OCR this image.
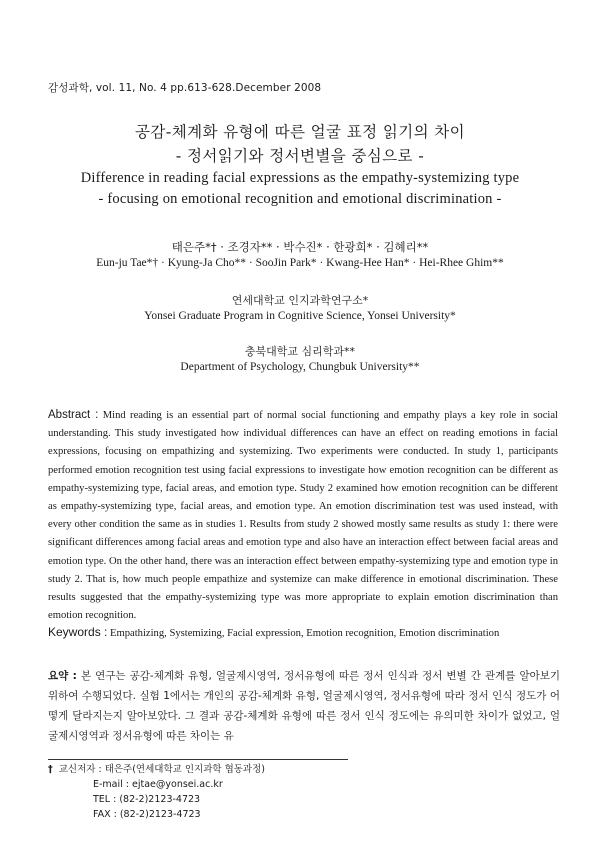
감성과학, vol. 11, No. 4 pp.613-628.December 2008
공감-체계화 유형에 따른 얼굴 표정 읽기의 차이
- 정서읽기와 정서변별을 중심으로 -
Difference in reading facial expressions as the empathy-systemizing type
- focusing on emotional recognition and emotional discrimination -
태은주*† · 조경자** · 박수진* · 한광희* · 김혜리**
Eun-ju Tae*† · Kyung-Ja Cho** · SooJin Park* · Kwang-Hee Han* · Hei-Rhee Ghim**
연세대학교 인지과학연구소*
Yonsei Graduate Program in Cognitive Science, Yonsei University*
충북대학교 심리학과**
Department of Psychology, Chungbuk University**

Abstract : Mind reading is an essential part of normal social functioning and empathy plays a key role in social understanding. This study investigated how individual differences can have an effect on reading emotions in facial expressions, focusing on empathizing and systemizing. Two experiments were conducted. In study 1, participants performed emotion recognition test using facial expressions to investigate how emotion recognition can be different as empathy-systemizing type, facial areas, and emotion type. Study 2 examined how emotion recognition can be different as empathy-systemizing type, facial areas, and emotion type. An emotion discrimination test was used instead, with every other condition the same as in studies 1. Results from study 2 showed mostly same results as study 1: there were significant differences among facial areas and emotion type and also have an interaction effect between facial areas and emotion type. On the other hand, there was an interaction effect between empathy-systemizing type and emotion type in study 2. That is, how much people empathize and systemize can make difference in emotional discrimination. These results suggested that the empathy-systemizing type was more appropriate to explain emotion discrimination than emotion recognition.

Keywords : Empathizing, Systemizing, Facial expression, Emotion recognition, Emotion discrimination

요약 : 본 연구는 공감-체계화 유형, 얼굴제시영역, 정서유형에 따른 정서 인식과 정서 변별 간 관계를 알아보기 위하여 수행되었다. 실험 1에서는 개인의 공감-체계화 유형, 얼굴제시영역, 정서유형에 따라 정서 인식 정도가 어떻게 달라지는지 알아보았다. 그 결과 공감-체계화 유형에 따른 정서 인식 정도에는 유의미한 차이가 없었고, 얼굴제시영역과 정서유형에 따른 차이는 유

† 교신저자 : 태은주(연세대학교 인지과학 협동과정)
E-mail : ejtae@yonsei.ac.kr
TEL : (82-2)2123-4723
FAX : (82-2)2123-4723
